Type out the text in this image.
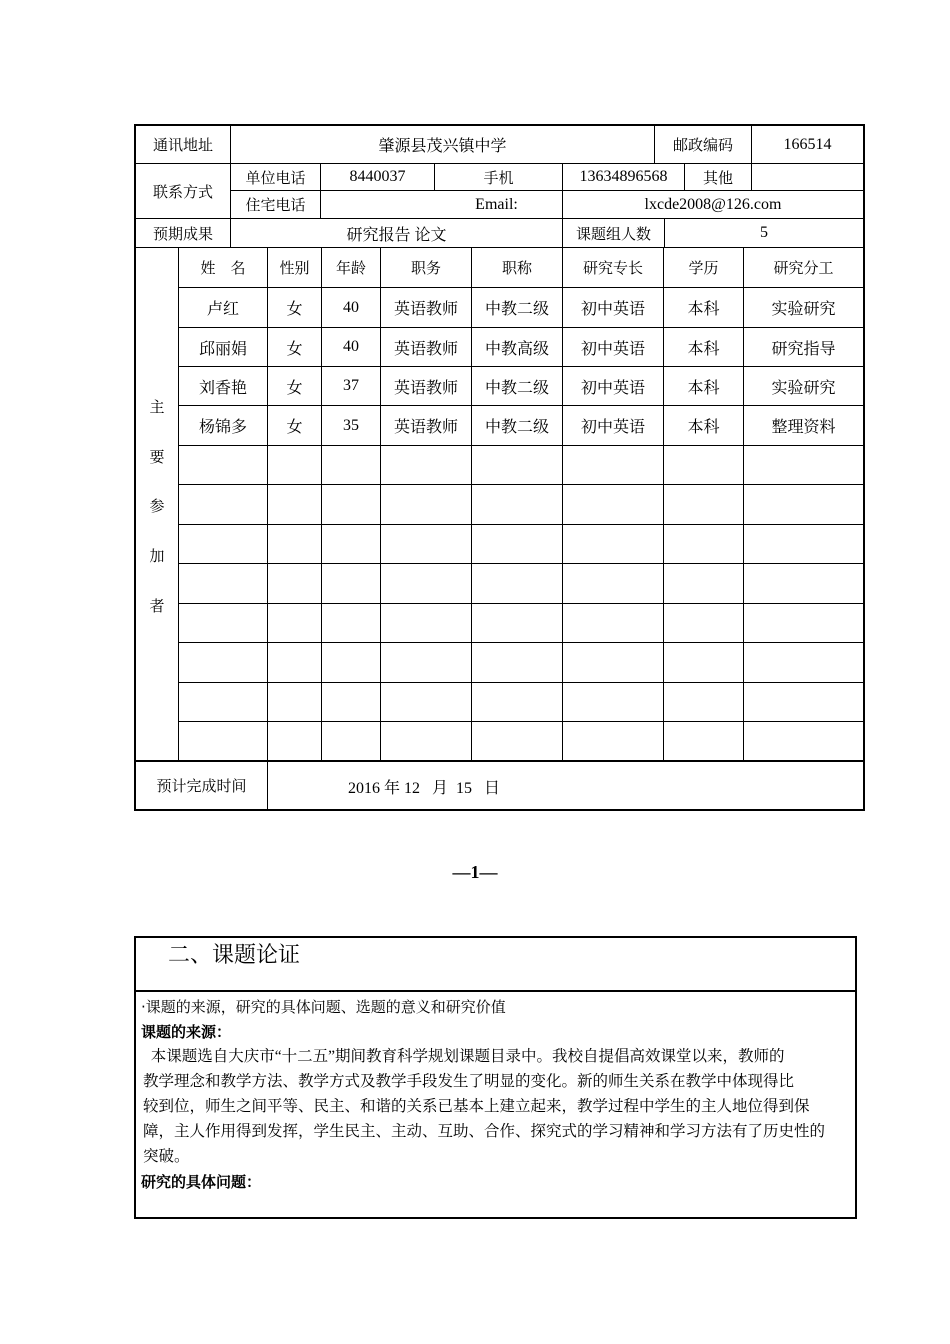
通讯地址	肇源县茂兴镇中学	邮政编码	166514
联系方式
单位电话	8440037	手机	13634896568	其他
住宅电话	Email:	lxcde2008@126.com
预期成果	研究报告 论文	课题组人数	5
主
要
参
加
者
姓　名	性别	年龄	职务	职称	研究专长	学历	研究分工
卢红	女	40	英语教师	中教二级	初中英语	本科	实验研究
邱丽娟	女	40	英语教师	中教高级	初中英语	本科	研究指导
刘香艳	女	37	英语教师	中教二级	初中英语	本科	实验研究
杨锦多	女	35	英语教师	中教二级	初中英语	本科	整理资料
预计完成时间	2016 年 12 月 15 日
—1—
二、课题论证
·课题的来源，研究的具体问题、选题的意义和研究价值
课题的来源：
本课题选自大庆市“十二五”期间教育科学规划课题目录中。我校自提倡高效课堂以来，教师的
教学理念和教学方法、教学方式及教学手段发生了明显的变化。新的师生关系在教学中体现得比
较到位，师生之间平等、民主、和谐的关系已基本上建立起来，教学过程中学生的主人地位得到保
障，主人作用得到发挥，学生民主、主动、互助、合作、探究式的学习精神和学习方法有了历史性的
突破。
研究的具体问题：
